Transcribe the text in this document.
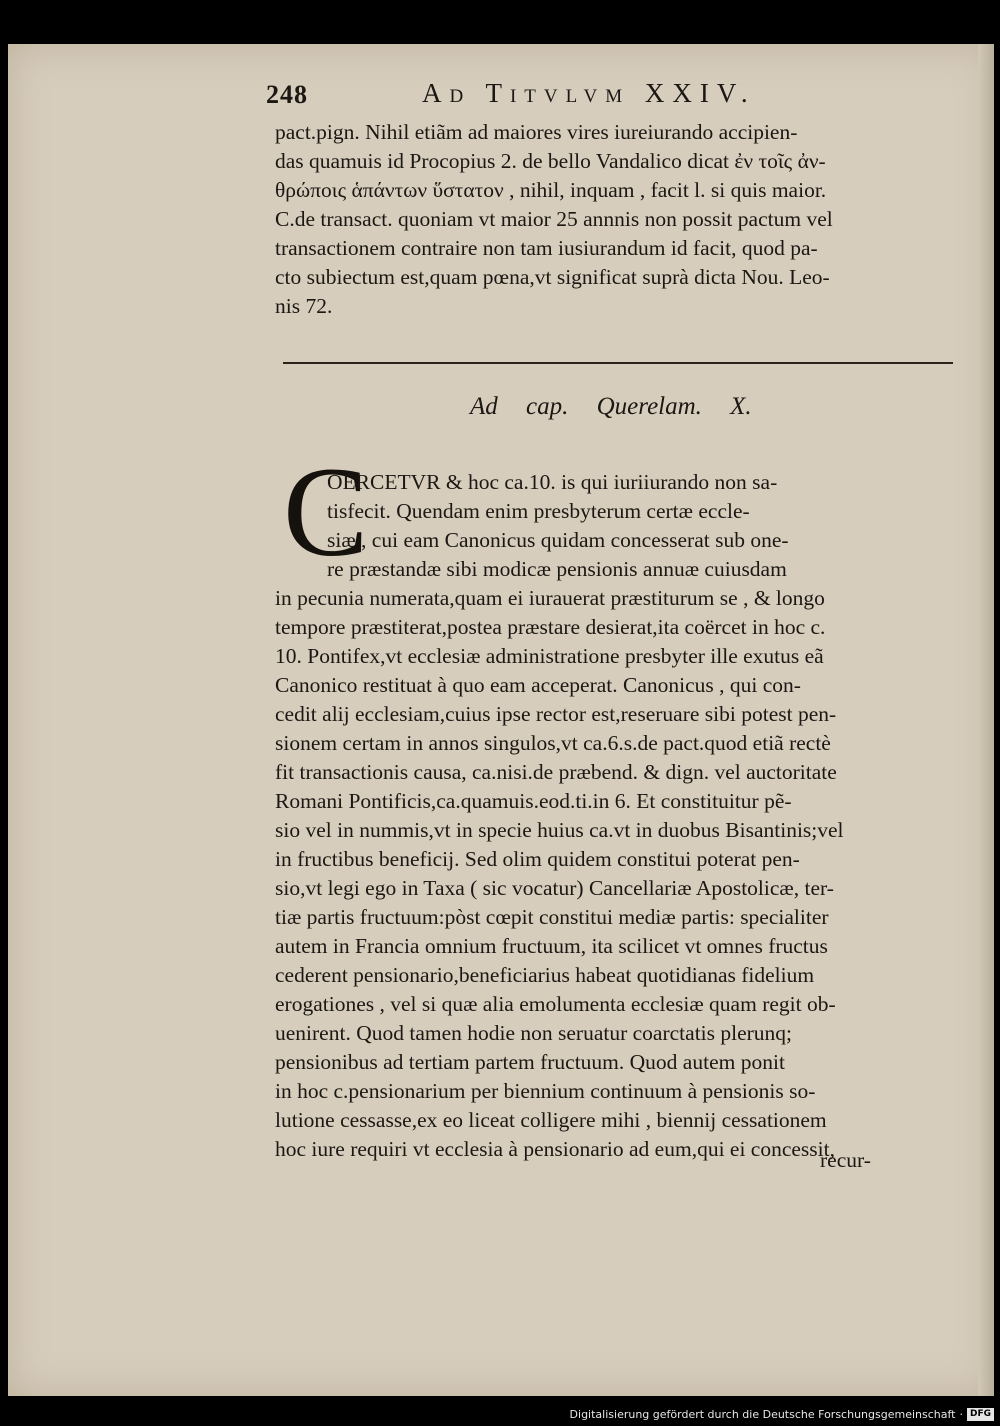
248	Ad Titvlvm XXIV.
pact.pign. Nihil etiãm ad maiores vires iureiurando accipien-
das quamuis id Procopius 2. de bello Vandalico dicat ἐν τοῖς ἀν-
θρώποις ἁπάντων ὕστατον , nihil, inquam , facit l. si quis maior.
C.de transact. quoniam vt maior 25 annnis non possit pactum vel
transactionem contraire non tam iusiurandum id facit, quod pa-
cto subiectum est,quam pœna,vt significat suprà dicta Nou. Leo-
nis 72.
Ad cap. Querelam. X.
C
OERCETVR & hoc ca.10. is qui iuriiurando non sa-
tisfecit. Quendam enim presbyterum certæ eccle-
siæ , cui eam Canonicus quidam concesserat sub one-
re præstandæ sibi modicæ pensionis annuæ cuiusdam
in pecunia numerata,quam ei iurauerat præstiturum se , & longo
tempore præstiterat,postea præstare desierat,ita coërcet in hoc c.
10. Pontifex,vt ecclesiæ administratione presbyter ille exutus eã
Canonico restituat à quo eam acceperat. Canonicus , qui con-
cedit alij ecclesiam,cuius ipse rector est,reseruare sibi potest pen-
sionem certam in annos singulos,vt ca.6.s.de pact.quod etiã rectè
fit transactionis causa, ca.nisi.de præbend. & dign. vel auctoritate
Romani Pontificis,ca.quamuis.eod.ti.in 6. Et constituitur pẽ-
sio vel in nummis,vt in specie huius ca.vt in duobus Bisantinis;vel
in fructibus beneficij. Sed olim quidem constitui poterat pen-
sio,vt legi ego in Taxa ( sic vocatur) Cancellariæ Apostolicæ, ter-
tiæ partis fructuum:pòst cœpit constitui mediæ partis: specialiter
autem in Francia omnium fructuum, ita scilicet vt omnes fructus
cederent pensionario,beneficiarius habeat quotidianas fidelium
erogationes , vel si quæ alia emolumenta ecclesiæ quam regit ob-
uenirent. Quod tamen hodie non seruatur coarctatis plerunq;
pensionibus ad tertiam partem fructuum. Quod autem ponit
in hoc c.pensionarium per biennium continuum à pensionis so-
lutione cessasse,ex eo liceat colligere mihi , biennij cessationem
hoc iure requiri vt ecclesia à pensionario ad eum,qui ei concessit,
recur-
Digitalisierung gefördert durch die Deutsche Forschungsgemeinschaft · DFG
